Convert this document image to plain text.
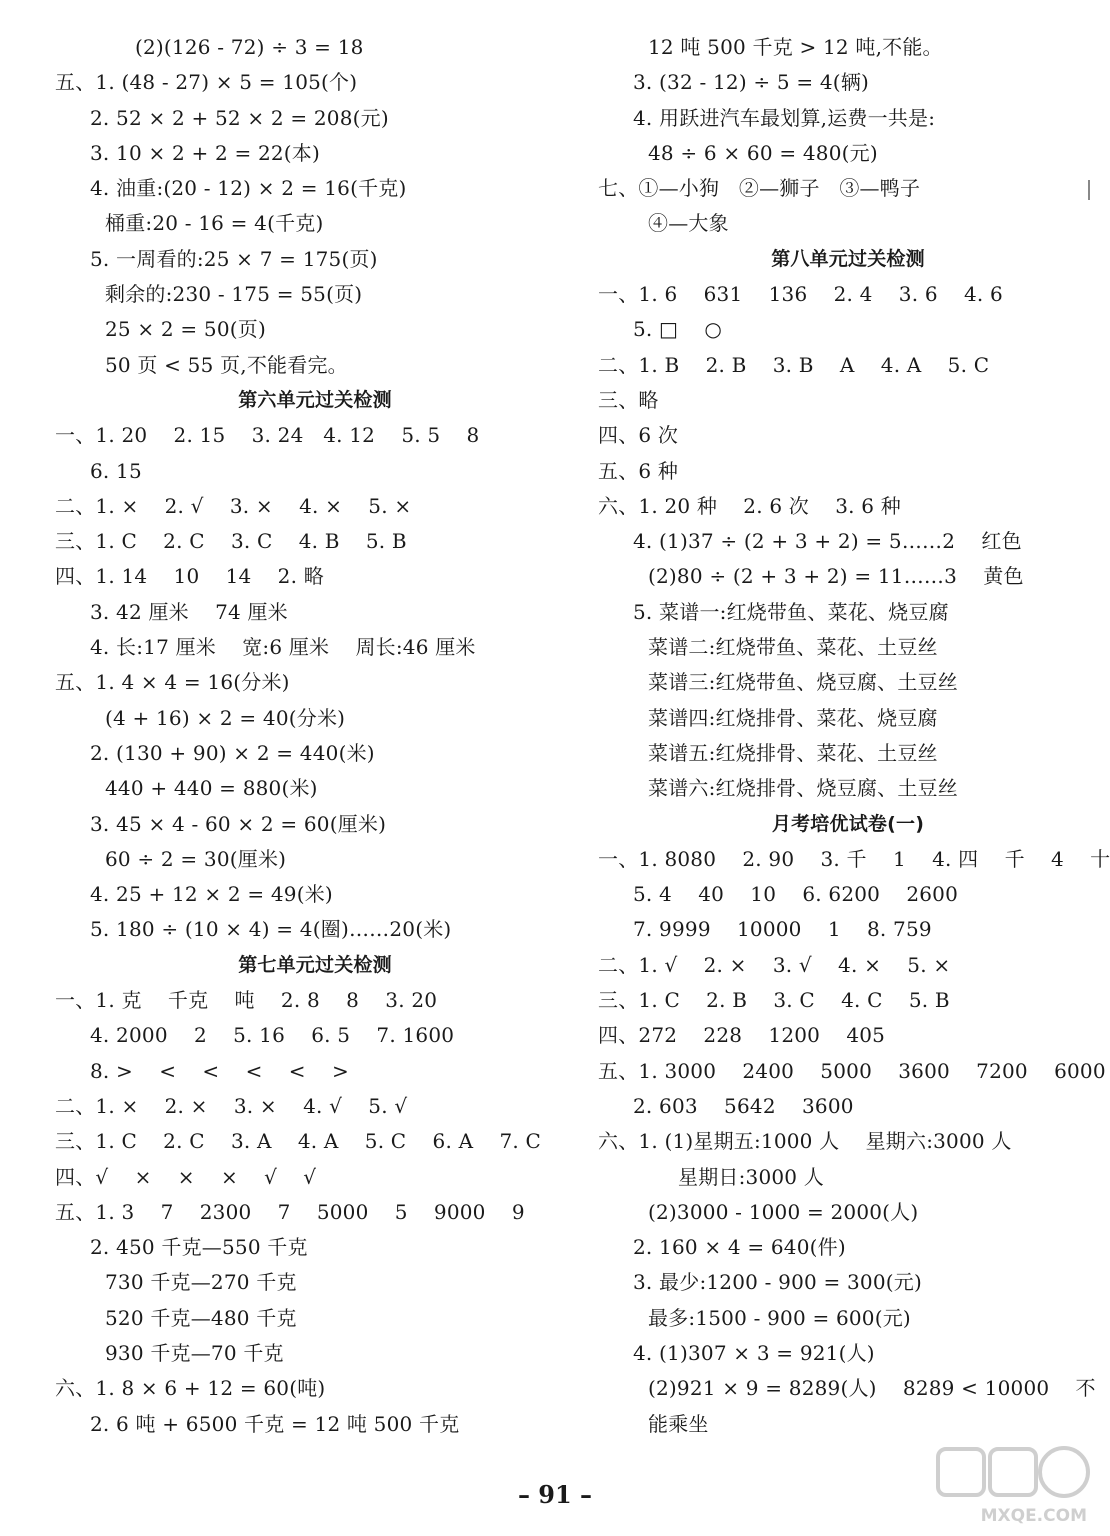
(2)(126 - 72) ÷ 3 = 18
五、1. (48 - 27) × 5 = 105(个)
2. 52 × 2 + 52 × 2 = 208(元)
3. 10 × 2 + 2 = 22(本)
4. 油重:(20 - 12) × 2 = 16(千克)
桶重:20 - 16 = 4(千克)
5. 一周看的:25 × 7 = 175(页)
剩余的:230 - 175 = 55(页)
25 × 2 = 50(页)
50 页 < 55 页,不能看完。
第六单元过关检测
一、1. 20    2. 15    3. 24   4. 12    5. 5    8
6. 15
二、1. ×    2. √    3. ×    4. ×    5. ×
三、1. C    2. C    3. C    4. B    5. B
四、1. 14    10    14    2. 略
3. 42 厘米    74 厘米
4. 长:17 厘米    宽:6 厘米    周长:46 厘米
五、1. 4 × 4 = 16(分米)
(4 + 16) × 2 = 40(分米)
2. (130 + 90) × 2 = 440(米)
440 + 440 = 880(米)
3. 45 × 4 - 60 × 2 = 60(厘米)
60 ÷ 2 = 30(厘米)
4. 25 + 12 × 2 = 49(米)
5. 180 ÷ (10 × 4) = 4(圈)……20(米)
第七单元过关检测
一、1. 克    千克    吨    2. 8    8    3. 20
4. 2000    2    5. 16    6. 5    7. 1600
8. >    <    <    <    <    >
二、1. ×    2. ×    3. ×    4. √    5. √
三、1. C    2. C    3. A    4. A    5. C    6. A    7. C
四、√    ×    ×    ×    √    √
五、1. 3    7    2300    7    5000    5    9000    9
2. 450 千克—550 千克
730 千克—270 千克
520 千克—480 千克
930 千克—70 千克
六、1. 8 × 6 + 12 = 60(吨)
2. 6 吨 + 6500 千克 = 12 吨 500 千克
12 吨 500 千克 > 12 吨,不能。
3. (32 - 12) ÷ 5 = 4(辆)
4. 用跃进汽车最划算,运费一共是:
48 ÷ 6 × 60 = 480(元)
七、①—小狗   ②—狮子   ③—鸭子
④—大象
第八单元过关检测
一、1. 6    631    136    2. 4    3. 6    4. 6
5. □    ○
二、1. B    2. B    3. B    A    4. A    5. C
三、略
四、6 次
五、6 种
六、1. 20 种    2. 6 次    3. 6 种
4. (1)37 ÷ (2 + 3 + 2) = 5……2    红色
(2)80 ÷ (2 + 3 + 2) = 11……3    黄色
5. 菜谱一:红烧带鱼、菜花、烧豆腐
菜谱二:红烧带鱼、菜花、土豆丝
菜谱三:红烧带鱼、烧豆腐、土豆丝
菜谱四:红烧排骨、菜花、烧豆腐
菜谱五:红烧排骨、菜花、土豆丝
菜谱六:红烧排骨、烧豆腐、土豆丝
月考培优试卷(一)
一、1. 8080    2. 90    3. 千    1    4. 四    千    4    十
5. 4    40    10    6. 6200    2600
7. 9999    10000    1    8. 759
二、1. √    2. ×    3. √    4. ×    5. ×
三、1. C    2. B    3. C    4. C    5. B
四、272    228    1200    405
五、1. 3000    2400    5000    3600    7200    6000
2. 603    5642    3600
六、1. (1)星期五:1000 人    星期六:3000 人
星期日:3000 人
(2)3000 - 1000 = 2000(人)
2. 160 × 4 = 640(件)
3. 最少:1200 - 900 = 300(元)
最多:1500 - 900 = 600(元)
4. (1)307 × 3 = 921(人)
(2)921 × 9 = 8289(人)    8289 < 10000    不
能乘坐
– 91 –
MXQE.COM
